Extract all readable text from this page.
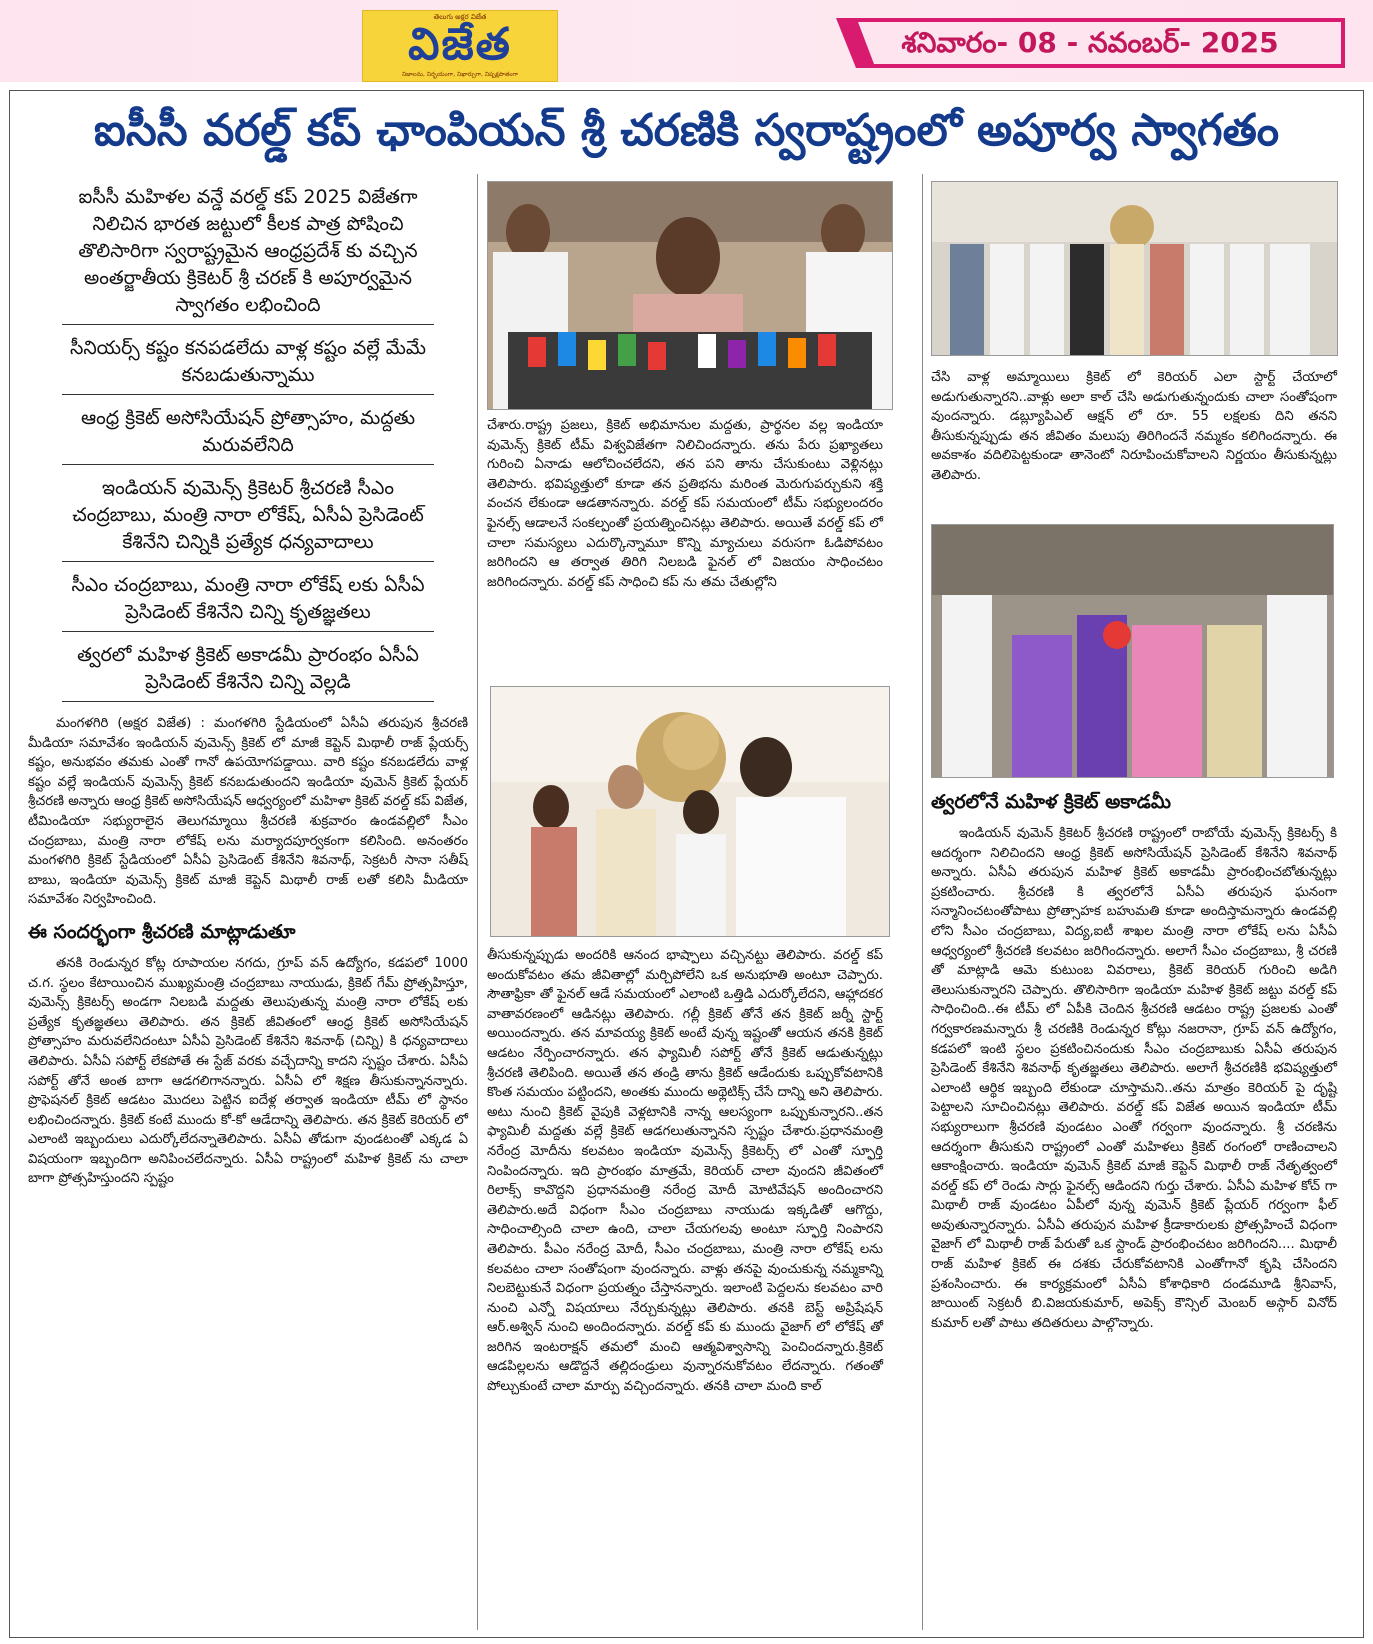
తెలుగు అక్షర విజేత
విజేత
నిజాలను, నిర్భయంగా, నిఖార్సుగా, నిష్పక్షపాతంగా
శనివారం- 08 - నవంబర్- 2025
ఐసీసీ వరల్డ్ కప్ ఛాంపియన్ శ్రీ చరణికి స్వరాష్ట్రంలో అపూర్వ స్వాగతం
ఐసీసీ మహిళల వన్డే వరల్డ్ కప్ 2025 విజేతగా నిలిచిన భారత జట్టులో కీలక పాత్ర పోషించి తొలిసారిగా స్వరాష్ట్రమైన ఆంధ్రప్రదేశ్ కు వచ్చిన అంతర్జాతీయ క్రికెటర్ శ్రీ చరణ్ కి అపూర్వమైన స్వాగతం లభించింది
సీనియర్స్ కష్టం కనపడలేదు వాళ్ల కష్టం వల్లే మేమే కనబడుతున్నాము
ఆంధ్ర క్రికెట్ అసోసియేషన్ ప్రోత్సాహం, మద్దతు మరువలేనిది
ఇండియన్ వుమెన్స్ క్రికెటర్ శ్రీచరణి సీఎం చంద్రబాబు, మంత్రి నారా లోకేష్, ఏసీఏ ప్రెసిడెంట్ కేశినేని చిన్నికి ప్రత్యేక ధన్యవాదాలు
సీఎం చంద్రబాబు, మంత్రి నారా లోకేష్ లకు ఏసీఏ ప్రెసిడెంట్ కేశినేని చిన్ని కృతజ్ఞతలు
త్వరలో మహిళ క్రికెట్ అకాడమీ ప్రారంభం ఏసీఏ ప్రెసిడెంట్ కేశినేని చిన్ని వెల్లడి

మంగళగిరి (అక్షర విజేత) : మంగళగిరి స్టేడియంలో ఏసీఏ తరుపున శ్రీచరణి మీడియా సమావేశం ఇండియన్ వుమెన్స్ క్రికెట్ లో మాజీ కెప్టెన్ మిథాలీ రాజ్ ప్లేయర్స్ కష్టం, అనుభవం తమకు ఎంతో గానో ఉపయోగపడ్డాయి. వారి కష్టం కనబడలేదు వాళ్ల కష్టం వల్లే ఇండియన్ వుమెన్స్ క్రికెట్ కనబడుతుందని ఇండియా వుమెన్ క్రికెట్ ప్లేయర్ శ్రీచరణి అన్నారు ఆంధ్ర క్రికెట్ అసోసియేషన్ ఆధ్వర్యంలో మహిళా క్రికెట్ వరల్డ్ కప్ విజేత, టీమిండియా సభ్యురాలైన తెలుగమ్మాయి శ్రీచరణి శుక్రవారం ఉండవల్లిలో సీఎం చంద్రబాబు, మంత్రి నారా లోకేష్ లను మర్యాదపూర్వకంగా కలిసింది. అనంతరం మంగళగిరి క్రికెట్ స్టేడియంలో ఏసీఏ ప్రెసిడెంట్ కేశినేని శివనాథ్, సెక్రటరీ సానా సతీష్ బాబు, ఇండియా వుమెన్స్ క్రికెట్ మాజీ కెప్టెన్ మిథాలీ రాజ్ లతో కలిసి మీడియా సమావేశం నిర్వహించింది.

ఈ సందర్భంగా శ్రీచరణి మాట్లాడుతూ

తనకి రెండున్నర కోట్ల రూపాయల నగదు, గ్రూప్ వన్ ఉద్యోగం, కడపలో 1000 చ.గ. స్థలం కేటాయించిన ముఖ్యమంత్రి చంద్రబాబు నాయుడు, క్రికెట్ గేమ్ ప్రోత్సహిస్తూ, వుమెన్స్ క్రికెటర్స్ అండగా నిలబడి మద్దతు తెలుపుతున్న మంత్రి నారా లోకేష్ లకు ప్రత్యేక కృతజ్ఞతలు తెలిపారు. తన క్రికెట్ జీవితంలో ఆంధ్ర క్రికెట్ అసోసియేషన్ ప్రోత్సాహం మరువలేనిదంటూ ఏసీఏ ప్రెసిడెంట్ కేశినేని శివనాథ్ (చిన్ని) కి ధన్యవాదాలు తెలిపారు. ఏసీఏ సపోర్ట్ లేకపోతే ఈ స్టేజ్ వరకు వచ్చేదాన్ని కాదని స్పష్టం చేశారు. ఏసీఏ సపోర్ట్ తోనే అంత బాగా ఆడగలిగానన్నారు. ఏసీఏ లో శిక్షణ తీసుకున్నానన్నారు. ప్రొఫెషనల్ క్రికెట్ ఆడటం మొదలు పెట్టిన ఐదేళ్ల తర్వాత ఇండియా టీమ్ లో స్థానం లభించిందన్నారు. క్రికెట్ కంటే ముందు కో-కో ఆడేదాన్ని తెలిపారు. తన క్రికెట్ కెరియర్ లో ఎలాంటి ఇబ్బందులు ఎదుర్కోలేదన్నాతెలిపారు. ఏసీఏ తోడుగా వుండటంతో ఎక్కడ ఏ విషయంగా ఇబ్బందిగా అనిపించలేదన్నారు. ఏసీఏ రాష్ట్రంలో మహిళ క్రికెట్ ను చాలా బాగా ప్రోత్సహిస్తుందని స్పష్టం

చేశారు.రాష్ట్ర ప్రజలు, క్రికెట్ అభిమానుల మద్దతు, ప్రార్థనల వల్ల ఇండియా వుమెన్స్ క్రికెట్ టీమ్ విశ్వవిజేతగా నిలిచిందన్నారు. తను పేరు ప్రఖ్యాతలు గురించి ఏనాడు ఆలోచించలేదని, తన పని తాను చేసుకుంటు వెళ్లినట్లు తెలిపారు. భవిష్యత్తులో కూడా తన ప్రతిభను మరింత మెరుగుపర్చుకుని శక్తి వంచన లేకుండా ఆడతానన్నారు. వరల్డ్ కప్ సమయంలో టీమ్ సభ్యులందరం ఫైనల్స్ ఆడాలనే సంకల్పంతో ప్రయత్నించినట్లు తెలిపారు. అయితే వరల్డ్ కప్ లో చాలా సమస్యలు ఎదుర్కొన్నామూ కొన్ని మ్యాచులు వరుసగా ఓడిపోవటం జరిగిందని ఆ తర్వాత తిరిగి నిలబడి ఫైనల్ లో విజయం సాధించటం జరిగిందన్నారు. వరల్డ్ కప్ సాధించి కప్ ను తమ చేతుల్లోని

తీసుకున్నప్పుడు అందరికి ఆనంద భాష్పాలు వచ్చినట్టు తెలిపారు. వరల్డ్ కప్ అందుకోవటం తమ జీవితాల్లో మర్చిపోలేని ఒక అనుభూతి అంటూ చెప్పారు. సౌతాఫ్రికా తో ఫైనల్ ఆడే సమయంలో ఎలాంటి ఒత్తిడి ఎదుర్కోలేదని, ఆహ్లాదకర వాతావరణంలో ఆడినట్లు తెలిపారు. గల్లీ క్రికెట్ తోనే తన క్రికెట్ జర్నీ స్టార్ట్ అయిందన్నారు. తన మావయ్య క్రికెట్ అంటే వున్న ఇష్టంతో ఆయన తనకి క్రికెట్ ఆడటం నేర్పించారన్నారు. తన ఫ్యామిలీ సపోర్ట్ తోనే క్రికెట్ ఆడుతున్నట్లు శ్రీచరణి తెలిపింది. అయితే తన తండ్రి తాను క్రికెట్ ఆడేందుకు ఒప్పుకోవటానికి కొంత సమయం పట్టిందని, అంతకు ముందు అథ్లెటిక్స్ చేసే దాన్ని అని తెలిపారు. అటు నుంచి క్రికెట్ వైపుకి వెళ్లటానికి నాన్న ఆలస్యంగా ఒప్పుకున్నారని..తన ఫ్యామిలీ మద్దతు వల్లే క్రికెట్ ఆడగలుతున్నానని స్పష్టం చేశారు.ప్రధానమంత్రి నరేంద్ర మోదీను కలవటం ఇండియా వుమెన్స్ క్రికెటర్స్ లో ఎంతో స్ఫూర్తి నింపిందన్నారు. ఇది ప్రారంభం మాత్రమే, కెరియర్ చాలా వుందని జీవితంలో రిలాక్స్ కావొద్దని ప్రధానమంత్రి నరేంద్ర మోదీ మోటివేషన్ అందించారని తెలిపారు.అదే విధంగా సీఎం చంద్రబాబు నాయుడు ఇక్కడితో ఆగొద్దు, సాధించాల్సింది చాలా ఉంది, చాలా చేయగలవు అంటూ స్ఫూర్తి నింపారని తెలిపారు. పీఎం నరేంద్ర మోదీ, సీఎం చంద్రబాబు, మంత్రి నారా లోకేష్ లను కలవటం చాలా సంతోషంగా వుందన్నారు. వాళ్లు తనపై వుంచుకున్న నమ్మకాన్ని నిలబెట్టుకునే విధంగా ప్రయత్నం చేస్తానన్నారు. ఇలాంటి పెద్దలను కలవటం వారి నుంచి ఎన్నో విషయాలు నేర్చుకున్నట్లు తెలిపారు. తనకి బెస్ట్ అప్రిషేషన్ ఆర్.అశ్విన్ నుంచి అందిందన్నారు. వరల్డ్ కప్ కు ముందు వైజాగ్ లో లోకేష్ తో జరిగిన ఇంటరాక్షన్ తమలో మంచి ఆత్మవిశ్వాసాన్ని పెంచిందన్నారు.క్రికెట్ ఆడపిల్లలను ఆడొద్దనే తల్లిదండ్రులు వున్నారనుకోవటం లేదన్నారు. గతంతో పోల్చుకుంటే చాలా మార్పు వచ్చిందన్నారు. తనకి చాలా మంది కాల్

చేసి వాళ్ల అమ్మాయిలు క్రికెట్ లో కెరియర్ ఎలా స్టార్ట్ చేయాలో అడుగుతున్నారని..వాళ్లు అలా కాల్ చేసి అడుగుతున్నందుకు చాలా సంతోషంగా వుందన్నారు. డబ్ల్యూపిఎల్ ఆక్షన్ లో రూ. 55 లక్షలకు దిని తనని తీసుకున్నప్పుడు తన జీవితం మలుపు తిరిగిందనే నమ్మకం కలిగిందన్నారు. ఈ అవకాశం వదిలిపెట్టకుండా తానెంటో నిరూపించుకోవాలని నిర్ణయం తీసుకున్నట్లు తెలిపారు.

త్వరలోనే మహిళ క్రికెట్ అకాడమీ

ఇండియన్ వుమెన్ క్రికెటర్ శ్రీచరణి రాష్ట్రంలో రాబోయే వుమెన్స్ క్రికెటర్స్ కి ఆదర్శంగా నిలిచిందని ఆంధ్ర క్రికెట్ అసోసియేషన్ ప్రెసిడెంట్ కేశినేని శివనాథ్ అన్నారు. ఏసీఏ తరుపున మహిళ క్రికెట్ అకాడమీ ప్రారంభించబోతున్నట్లు ప్రకటించారు. శ్రీచరణి కి త్వరలోనే ఏసీఏ తరుపున ఘనంగా సన్మానించటంతోపాటు ప్రోత్సాహక బహుమతి కూడా అందిస్తామన్నారు ఉండవల్లి లోని సీఎం చంద్రబాబు, విద్య,ఐటీ శాఖల మంత్రి నారా లోకేష్ లను ఏసీఏ ఆధ్వర్యంలో శ్రీచరణి కలవటం జరిగిందన్నారు. అలాగే సీఎం చంద్రబాబు, శ్రీ చరణి తో మాట్లాడి ఆమె కుటుంబ వివరాలు, క్రికెట్ కెరియర్ గురించి అడిగి తెలుసుకున్నారని చెప్పారు. తొలిసారిగా ఇండియా మహిళ క్రికెట్ జట్టు వరల్డ్ కప్ సాధించింది..ఈ టీమ్ లో ఏపీకి చెందిన శ్రీచరణి ఆడటం రాష్ట్ర ప్రజలకు ఎంతో గర్వకారణమన్నారు శ్రీ చరణికి రెండున్నర కోట్లు నజరానా, గ్రూప్ వన్ ఉద్యోగం, కడపలో ఇంటి స్థలం ప్రకటించినందుకు సీఎం చంద్రబాబుకు ఏసీఏ తరుపున ప్రెసిడెంట్ కేశినేని శివనాథ్ కృతజ్ఞతలు తెలిపారు. అలాగే శ్రీచరణికి భవిష్యత్తులో ఎలాంటి ఆర్థిక ఇబ్బంది లేకుండా చూస్తామని..తను మాత్రం కెరియర్ పై దృష్టి పెట్టాలని సూచించినట్లు తెలిపారు. వరల్డ్ కప్ విజేత అయిన ఇండియా టీమ్ సభ్యురాలుగా శ్రీచరణి వుండటం ఎంతో గర్వంగా వుందన్నారు. శ్రీ చరణిను ఆదర్శంగా తీసుకుని రాష్ట్రంలో ఎంతో మహిళలు క్రికెట్ రంగంలో రాణించాలని ఆకాంక్షించారు. ఇండియా వుమెన్ క్రికెట్ మాజీ కెప్టెన్ మిథాలీ రాజ్ నేతృత్వంలో వరల్డ్ కప్ లో రెండు సార్లు ఫైనల్స్ ఆడిందని గుర్తు చేశారు. ఏసీఏ మహిళ కోచ్ గా మిథాలీ రాజ్ వుండటం ఏపీలో వున్న వుమెన్ క్రికెట్ ప్లేయర్ గర్వంగా ఫీల్ అవుతున్నారన్నారు. ఏసీఏ తరుపున మహిళ క్రీడాకారులకు ప్రోత్సహించే విధంగా వైజాగ్ లో మిథాలీ రాజ్ పేరుతో ఒక స్టాండ్ ప్రారంభించటం జరిగిందని.... మిథాలీ రాజ్ మహిళ క్రికెట్ ఈ దశకు చేరుకోవటానికి ఎంతోగానో కృషి చేసిందని ప్రశంసించారు. ఈ కార్యక్రమంలో ఏసీఏ కోశాధికారి దండమూడి శ్రీనివాస్, జాయింట్ సెక్రటరీ బి.విజయకుమార్, అపెక్స్ కౌన్సిల్ మెంబర్ అస్గార్ వినోద్ కుమార్ లతో పాటు తదితరులు పాల్గొన్నారు.
